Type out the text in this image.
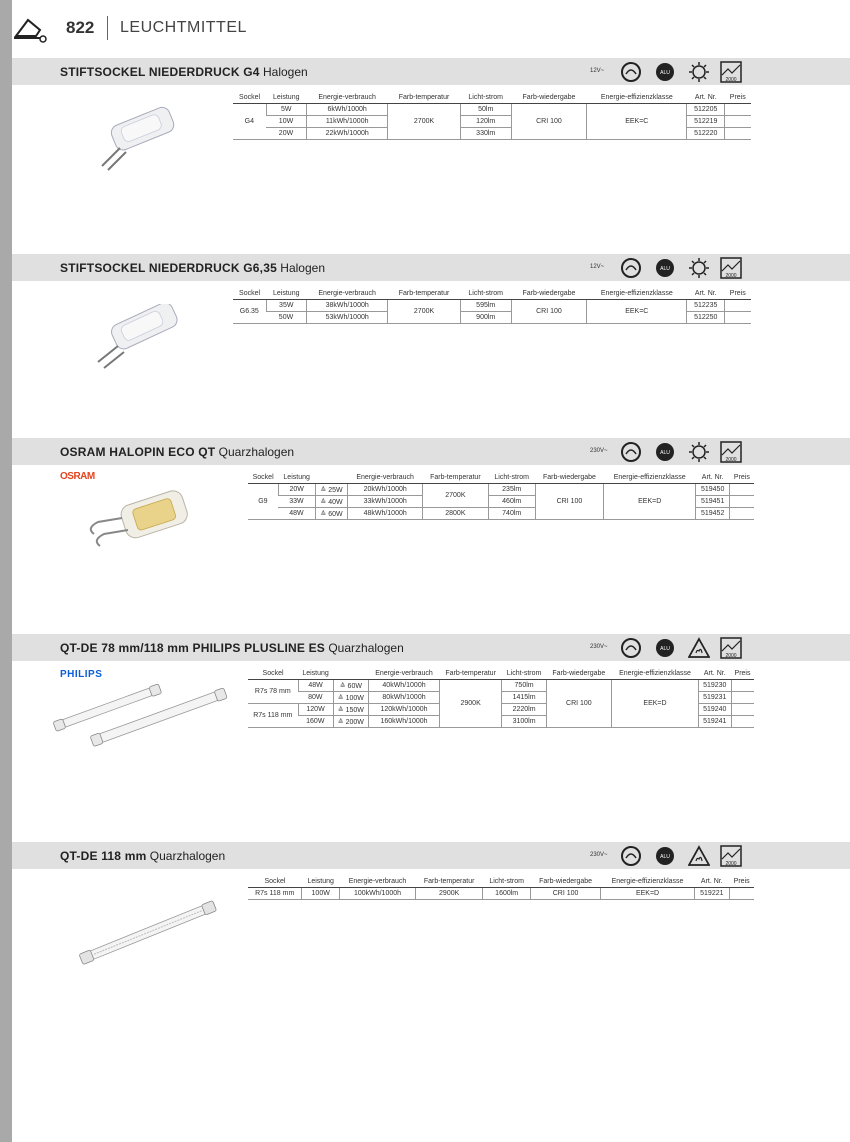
822 LEUCHTMITTEL
STIFTSOCKEL NIEDERDRUCK G4 Halogen	12V~	ALU
2000
Sockel	Leistung	Energie-verbrauch	Farb-temperatur	Licht-strom	Farb-wiedergabe	Energie-effizienzklasse	Art. Nr.	Preis
G4	5W	6kWh/1000h	2700K	50lm	CRI 100	EEK=C	512205	
	10W	11kWh/1000h		120lm			512219	
	20W	22kWh/1000h		330lm			512220	
STIFTSOCKEL NIEDERDRUCK G6,35 Halogen	12V~	ALU
2000
Sockel	Leistung	Energie-verbrauch	Farb-temperatur	Licht-strom	Farb-wiedergabe	Energie-effizienzklasse	Art. Nr.	Preis
G6.35	35W	38kWh/1000h	2700K	595lm	CRI 100	EEK=C	512235	
	50W	53kWh/1000h		900lm			512250	
OSRAM HALOPIN ECO QT Quarzhalogen	230V~	ALU
2000
OSRAM	Sockel	Leistung		Energie-verbrauch	Farb-temperatur	Licht-strom	Farb-wiedergabe	Energie-effizienzklasse	Art. Nr.	Preis
G9	20W	≙ 25W	20kWh/1000h	2700K	235lm	CRI 100	EEK=D	519450	
	33W	≙ 40W	33kWh/1000h		460lm			519451	
	48W	≙ 60W	48kWh/1000h	2800K	740lm			519452	
QT-DE 78 mm/118 mm PHILIPS PLUSLINE ES Quarzhalogen	230V~	ALU
2000
PHILIPS	Sockel	Leistung		Energie-verbrauch	Farb-temperatur	Licht-strom	Farb-wiedergabe	Energie-effizienzklasse	Art. Nr.	Preis
R7s 78 mm	48W	≙ 60W	40kWh/1000h	2900K	750lm	CRI 100	EEK=D	519230	
	80W	≙ 100W	80kWh/1000h		1415lm			519231	
R7s 118 mm	120W	≙ 150W	120kWh/1000h		2220lm			519240	
	160W	≙ 200W	160kWh/1000h		3100lm			519241	
QT-DE 118 mm Quarzhalogen	230V~	ALU
2000
Sockel	Leistung	Energie-verbrauch	Farb-temperatur	Licht-strom	Farb-wiedergabe	Energie-effizienzklasse	Art. Nr.	Preis
R7s 118 mm	100W	100kWh/1000h	2900K	1600lm	CRI 100	EEK=D	519221	
